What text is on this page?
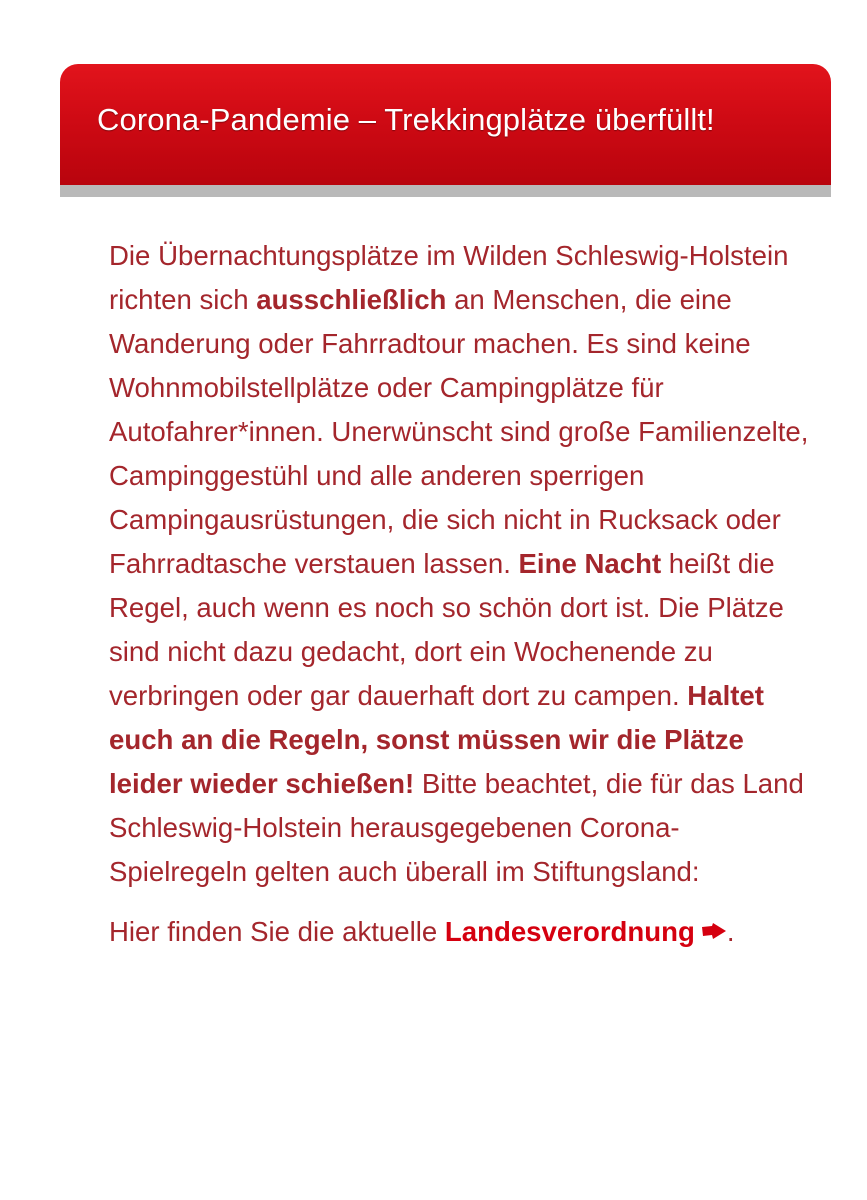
Corona-Pandemie – Trekkingplätze überfüllt!

Die Übernachtungsplätze im Wilden Schleswig-Holstein richten sich ausschließlich an Menschen, die eine Wanderung oder Fahrradtour machen. Es sind keine Wohnmobilstellplätze oder Campingplätze für Autofahrer*innen. Unerwünscht sind große Familienzelte, Campinggestühl und alle anderen sperrigen Campingausrüstungen, die sich nicht in Rucksack oder Fahrradtasche verstauen lassen. Eine Nacht heißt die Regel, auch wenn es noch so schön dort ist. Die Plätze sind nicht dazu gedacht, dort ein Wochenende zu verbringen oder gar dauerhaft dort zu campen. Haltet euch an die Regeln, sonst müssen wir die Plätze leider wieder schießen! Bitte beachtet, die für das Land Schleswig-Holstein herausgegebenen Corona-Spielregeln gelten auch überall im Stiftungsland:

Hier finden Sie die aktuelle Landesverordnung .
